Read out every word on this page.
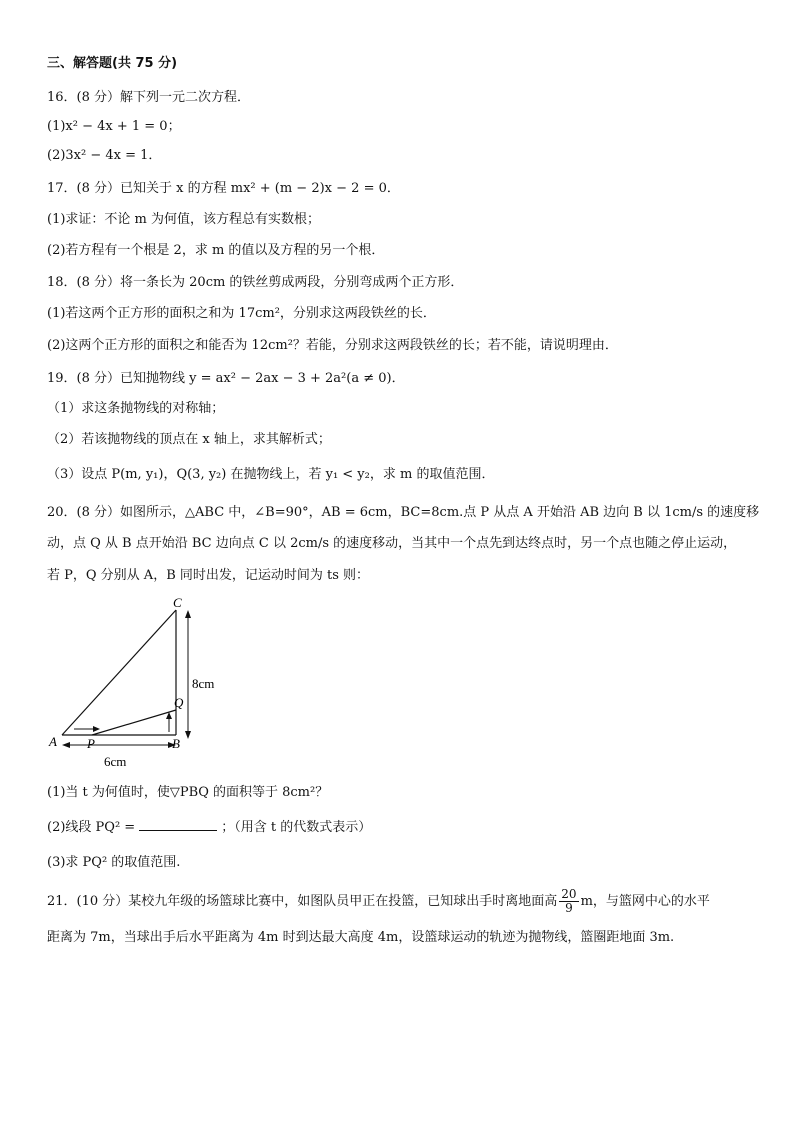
三、解答题(共 75 分)
16．(8 分）解下列一元二次方程．
(1)x² − 4x + 1 = 0；
(2)3x² − 4x = 1．
17．(8 分）已知关于 x 的方程 mx² + (m − 2)x − 2 = 0．
(1)求证：不论 m 为何值，该方程总有实数根；
(2)若方程有一个根是 2，求 m 的值以及方程的另一个根．
18．(8 分）将一条长为 20cm 的铁丝剪成两段，分别弯成两个正方形．
(1)若这两个正方形的面积之和为 17cm²，分别求这两段铁丝的长．
(2)这两个正方形的面积之和能否为 12cm²？若能，分别求这两段铁丝的长；若不能，请说明理由．
19．(8 分）已知抛物线 y = ax² − 2ax − 3 + 2a²(a ≠ 0)．
（1）求这条抛物线的对称轴；
（2）若该抛物线的顶点在 x 轴上，求其解析式；
（3）设点 P(m, y₁)，Q(3, y₂) 在抛物线上，若 y₁ < y₂，求 m 的取值范围．
20．(8 分）如图所示，△ABC 中，∠B=90°，AB = 6cm，BC=8cm.点 P 从点 A 开始沿 AB 边向 B 以 1cm/s 的速度移
动，点 Q 从 B 点开始沿 BC 边向点 C 以 2cm/s 的速度移动，当其中一个点先到达终点时，另一个点也随之停止运动，
若 P，Q 分别从 A，B 同时出发，记运动时间为 ts 则：
A P	B
Q
C
8cm
6cm
(1)当 t 为何值时，使▽PBQ 的面积等于 8cm²？
(2)线段 PQ² =	；（用含 t 的代数式表示）
(3)求 PQ² 的取值范围.
21．(10 分）某校九年级的场篮球比赛中，如图队员甲正在投篮，已知球出手时离地面高 $\frac{20}{9}$ m，与篮网中心的水平
距离为 7m，当球出手后水平距离为 4m 时到达最大高度 4m，设篮球运动的轨迹为抛物线，篮圈距地面 3m.
